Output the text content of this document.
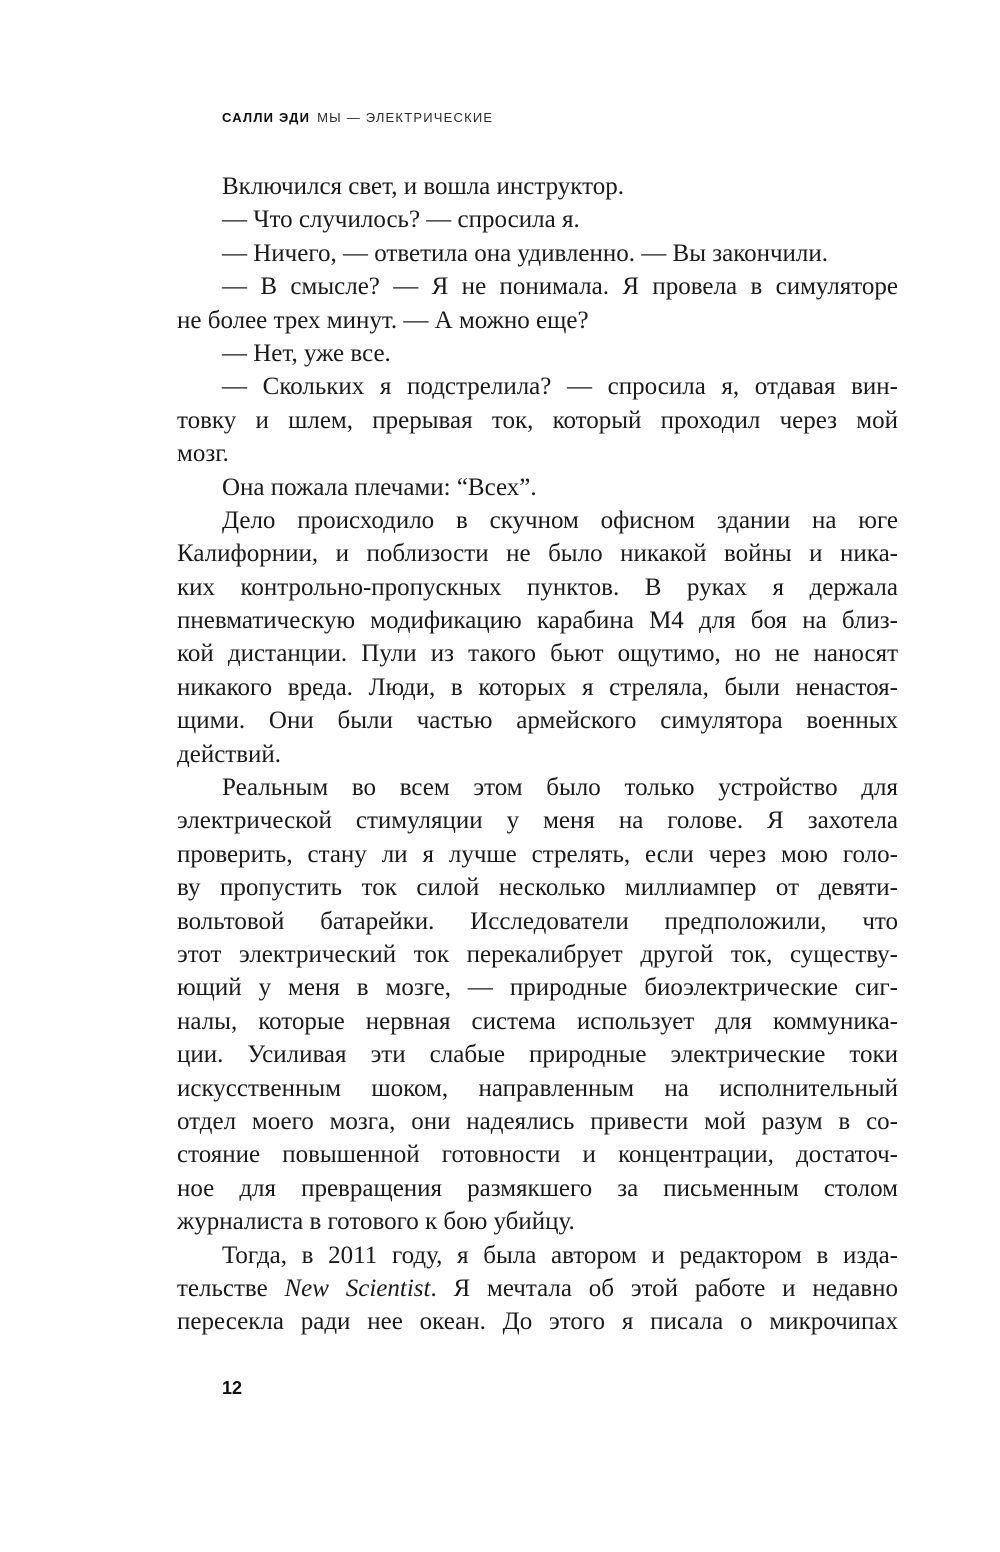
САЛЛИ ЭДИ МЫ — ЭЛЕКТРИЧЕСКИЕ
Включился свет, и вошла инструктор.
— Что случилось? — спросила я.
— Ничего, — ответила она удивленно. — Вы закончили.
— В смысле? — Я не понимала. Я провела в симуляторе
не более трех минут. — А можно еще?
— Нет, уже все.
— Скольких я подстрелила? — спросила я, отдавая вин-
товку и шлем, прерывая ток, который проходил через мой
мозг.
Она пожала плечами: “Всех”.
Дело происходило в скучном офисном здании на юге
Калифорнии, и поблизости не было никакой войны и ника-
ких контрольно-пропускных пунктов. В руках я держала
пневматическую модификацию карабина М4 для боя на близ-
кой дистанции. Пули из такого бьют ощутимо, но не наносят
никакого вреда. Люди, в которых я стреляла, были ненастоя-
щими. Они были частью армейского симулятора военных
действий.
Реальным во всем этом было только устройство для
электрической стимуляции у меня на голове. Я захотела
проверить, стану ли я лучше стрелять, если через мою голо-
ву пропустить ток силой несколько миллиампер от девяти-
вольтовой батарейки. Исследователи предположили, что
этот электрический ток перекалибрует другой ток, существу-
ющий у меня в мозге, — природные биоэлектрические сиг-
налы, которые нервная система использует для коммуника-
ции. Усиливая эти слабые природные электрические токи
искусственным шоком, направленным на исполнительный
отдел моего мозга, они надеялись привести мой разум в со-
стояние повышенной готовности и концентрации, достаточ-
ное для превращения размякшего за письменным столом
журналиста в готового к бою убийцу.
Тогда, в 2011 году, я была автором и редактором в изда-
тельстве New Scientist. Я мечтала об этой работе и недавно
пересекла ради нее океан. До этого я писала о микрочипах
12
